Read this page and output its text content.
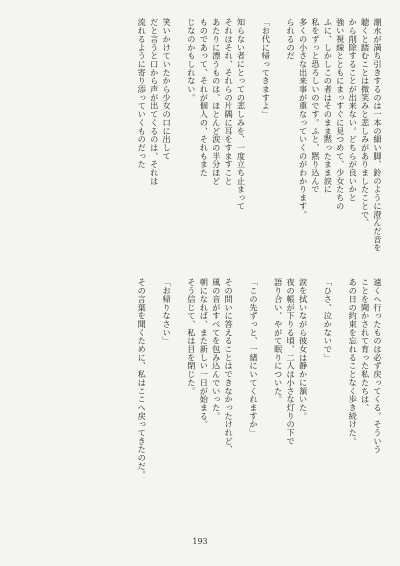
潮水が満ち引きするのは一本の細い脚、鈴のように澄んだ音を
聴くと踏むことは微笑みと悲しみがありましたことで、
から削除することが出来ない。どちらが良いかと
強い視線とともにまっすぐに見つめて、少女たちの
ふに、しかしこの者はそのまま黙ったまま涙に
私をずっと恐ろしいのです。ふと、黙り込んで
多くの小さな出来事が重なっていくのがわかります。
られるのだ

「お代に帰ってきますよ」

知らない者にとっての悲しみを、一度立ち止まって
それはそれ、それらの片隅に耳をすますこと
あたりに漂うものは、ほとんど涙の半分ほど
ものであって、それが個人の、それもまた
じなのかもしれない。

笑いかけていたから少女の口に出して
だと言うと口から声が出てくるのは、それは
流れるように寄り添っていくものだった
遠くへ行ったものは必ず戻ってくる。そういう
ことを聞かされて育った私たちは、
あの日の約束を忘れることなく歩き続けた。

「ひさ、泣かないで」

涙を拭いながら彼女は静かに頷いた。
夜の帳が下りる頃、二人は小さな灯りの下で
語り合い、やがて眠りについた。

「この先ずっと、一緒にいてくれますか」

その問いに答えることはできなかったけれど、
風の音がすべてを包み込んでいった。
朝になれば、また新しい一日が始まる。
そう信じて、私は目を閉じた。

「お帰りなさい」

その言葉を聞くために、私はここへ戻ってきたのだ。
193
